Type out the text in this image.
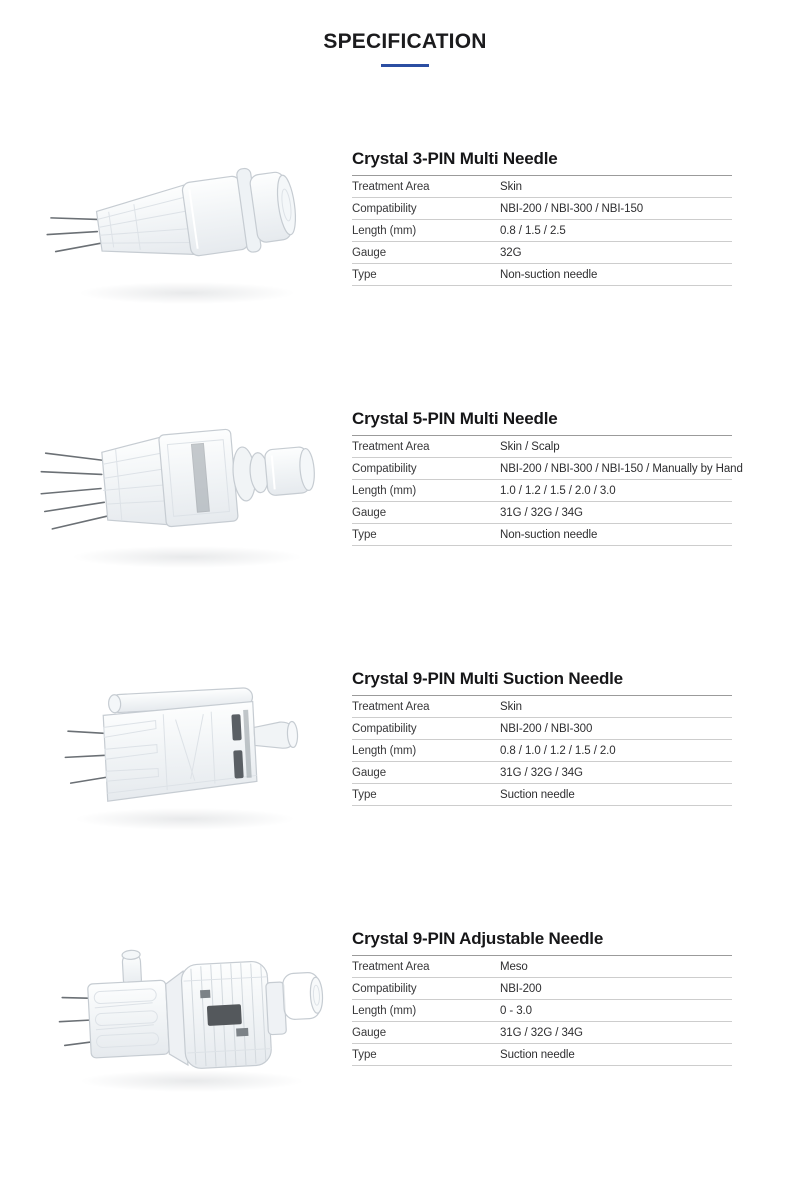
SPECIFICATION
Crystal 3-PIN Multi Needle
Treatment Area	Skin
Compatibility	NBI-200 / NBI-300 / NBI-150
Length (mm)	0.8 / 1.5 / 2.5
Gauge	32G
Type	Non-suction needle
Crystal 5-PIN Multi Needle
Treatment Area	Skin / Scalp
Compatibility	NBI-200 / NBI-300 / NBI-150 / Manually by Hand
Length (mm)	1.0 / 1.2 / 1.5 / 2.0 / 3.0
Gauge	31G / 32G / 34G
Type	Non-suction needle
Crystal 9-PIN Multi Suction Needle
Treatment Area	Skin
Compatibility	NBI-200 / NBI-300
Length (mm)	0.8 / 1.0 / 1.2 / 1.5 / 2.0
Gauge	31G / 32G / 34G
Type	Suction needle
Crystal 9-PIN Adjustable Needle
Treatment Area	Meso
Compatibility	NBI-200
Length (mm)	0 - 3.0
Gauge	31G / 32G / 34G
Type	Suction needle
